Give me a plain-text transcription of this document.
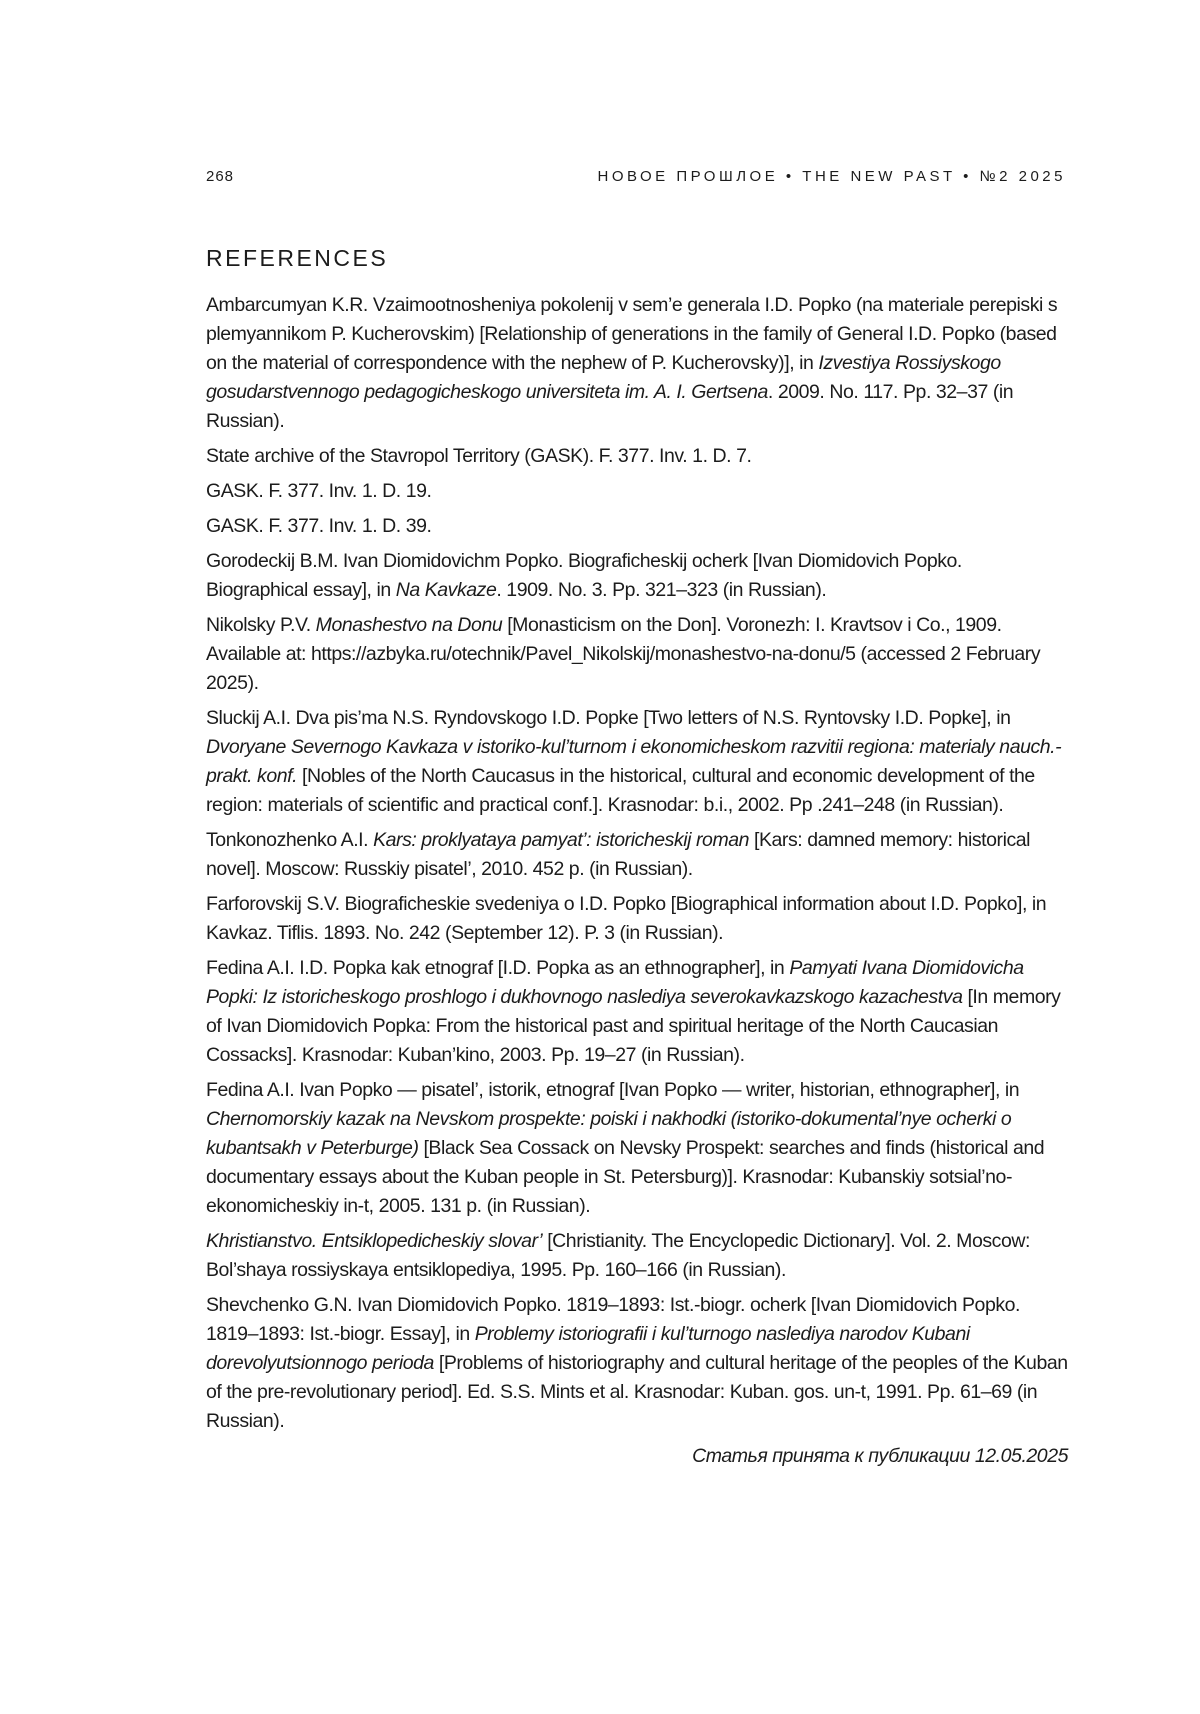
268	НОВОЕ ПРОШЛОЕ • THE NEW PAST • №2 2025
REFERENCES

Ambarcumyan K.R. Vzaimootnosheniya pokolenij v sem’e generala I.D. Popko (na materiale perepiski s plemyannikom P. Kucherovskim) [Relationship of generations in the family of General I.D. Popko (based on the material of correspondence with the nephew of P. Kucherovsky)], in Izvestiya Rossiyskogo gosudarstvennogo pedagogicheskogo universiteta im. A. I. Gertsena. 2009. No. 117. Pp. 32–37 (in Russian).

State archive of the Stavropol Territory (GASK). F. 377. Inv. 1. D. 7.

GASK. F. 377. Inv. 1. D. 19.

GASK. F. 377. Inv. 1. D. 39.

Gorodeckij B.M. Ivan Diomidovichm Popko. Biograficheskij ocherk [Ivan Diomidovich Popko. Biographical essay], in Na Kavkaze. 1909. No. 3. Pp. 321–323 (in Russian).

Nikolsky P.V. Monashestvo na Donu [Monasticism on the Don]. Voronezh: I. Kravtsov i Co., 1909. Available at: https://azbyka.ru/otechnik/Pavel_Nikolskij/monashestvo-na-donu/5 (accessed 2 February 2025).

Sluckij A.I. Dva pis’ma N.S. Ryndovskogo I.D. Popke [Two letters of N.S. Ryntovsky I.D. Popke], in Dvoryane Severnogo Kavkaza v istoriko-kul’turnom i ekonomicheskom razvitii regiona: materialy nauch.-prakt. konf. [Nobles of the North Caucasus in the historical, cultural and economic development of the region: materials of scientific and practical conf.]. Krasnodar: b.i., 2002. Pp .241–248 (in Russian).

Tonkonozhenko A.I. Kars: proklyataya pamyat’: istoricheskij roman [Kars: damned memory: historical novel]. Moscow: Russkiy pisatel’, 2010. 452 p. (in Russian).

Farforovskij S.V. Biograficheskie svedeniya o I.D. Popko [Biographical information about I.D. Popko], in Kavkaz. Tiflis. 1893. No. 242 (September 12). P. 3 (in Russian).

Fedina A.I. I.D. Popka kak etnograf [I.D. Popka as an ethnographer], in Pamyati Ivana Diomidovicha Popki: Iz istoricheskogo proshlogo i dukhovnogo naslediya severokavkazskogo kazachestva [In memory of Ivan Diomidovich Popka: From the historical past and spiritual heritage of the North Caucasian Cossacks]. Krasnodar: Kuban’kino, 2003. Pp. 19–27 (in Russian).

Fedina A.I. Ivan Popko — pisatel’, istorik, etnograf [Ivan Popko — writer, historian, ethnographer], in Chernomorskiy kazak na Nevskom prospekte: poiski i nakhodki (istoriko-dokumental’nye ocherki o kubantsakh v Peterburge) [Black Sea Cossack on Nevsky Prospekt: searches and finds (historical and documentary essays about the Kuban people in St. Petersburg)]. Krasnodar: Kubanskiy sotsial’no-ekonomicheskiy in-t, 2005. 131 p. (in Russian).

Khristianstvo. Entsiklopedicheskiy slovar’ [Christianity. The Encyclopedic Dictionary]. Vol. 2. Moscow: Bol’shaya rossiyskaya entsiklopediya, 1995. Pp. 160–166 (in Russian).

Shevchenko G.N. Ivan Diomidovich Popko. 1819–1893: Ist.-biogr. ocherk [Ivan Diomidovich Popko. 1819–1893: Ist.-biogr. Essay], in Problemy istoriografii i kul’turnogo naslediya narodov Kubani dorevolyutsionnogo perioda [Problems of historiography and cultural heritage of the peoples of the Kuban of the pre-revolutionary period]. Ed. S.S. Mints et al. Krasnodar: Kuban. gos. un-t, 1991. Pp. 61–69 (in Russian).

Статья принята к публикации 12.05.2025
